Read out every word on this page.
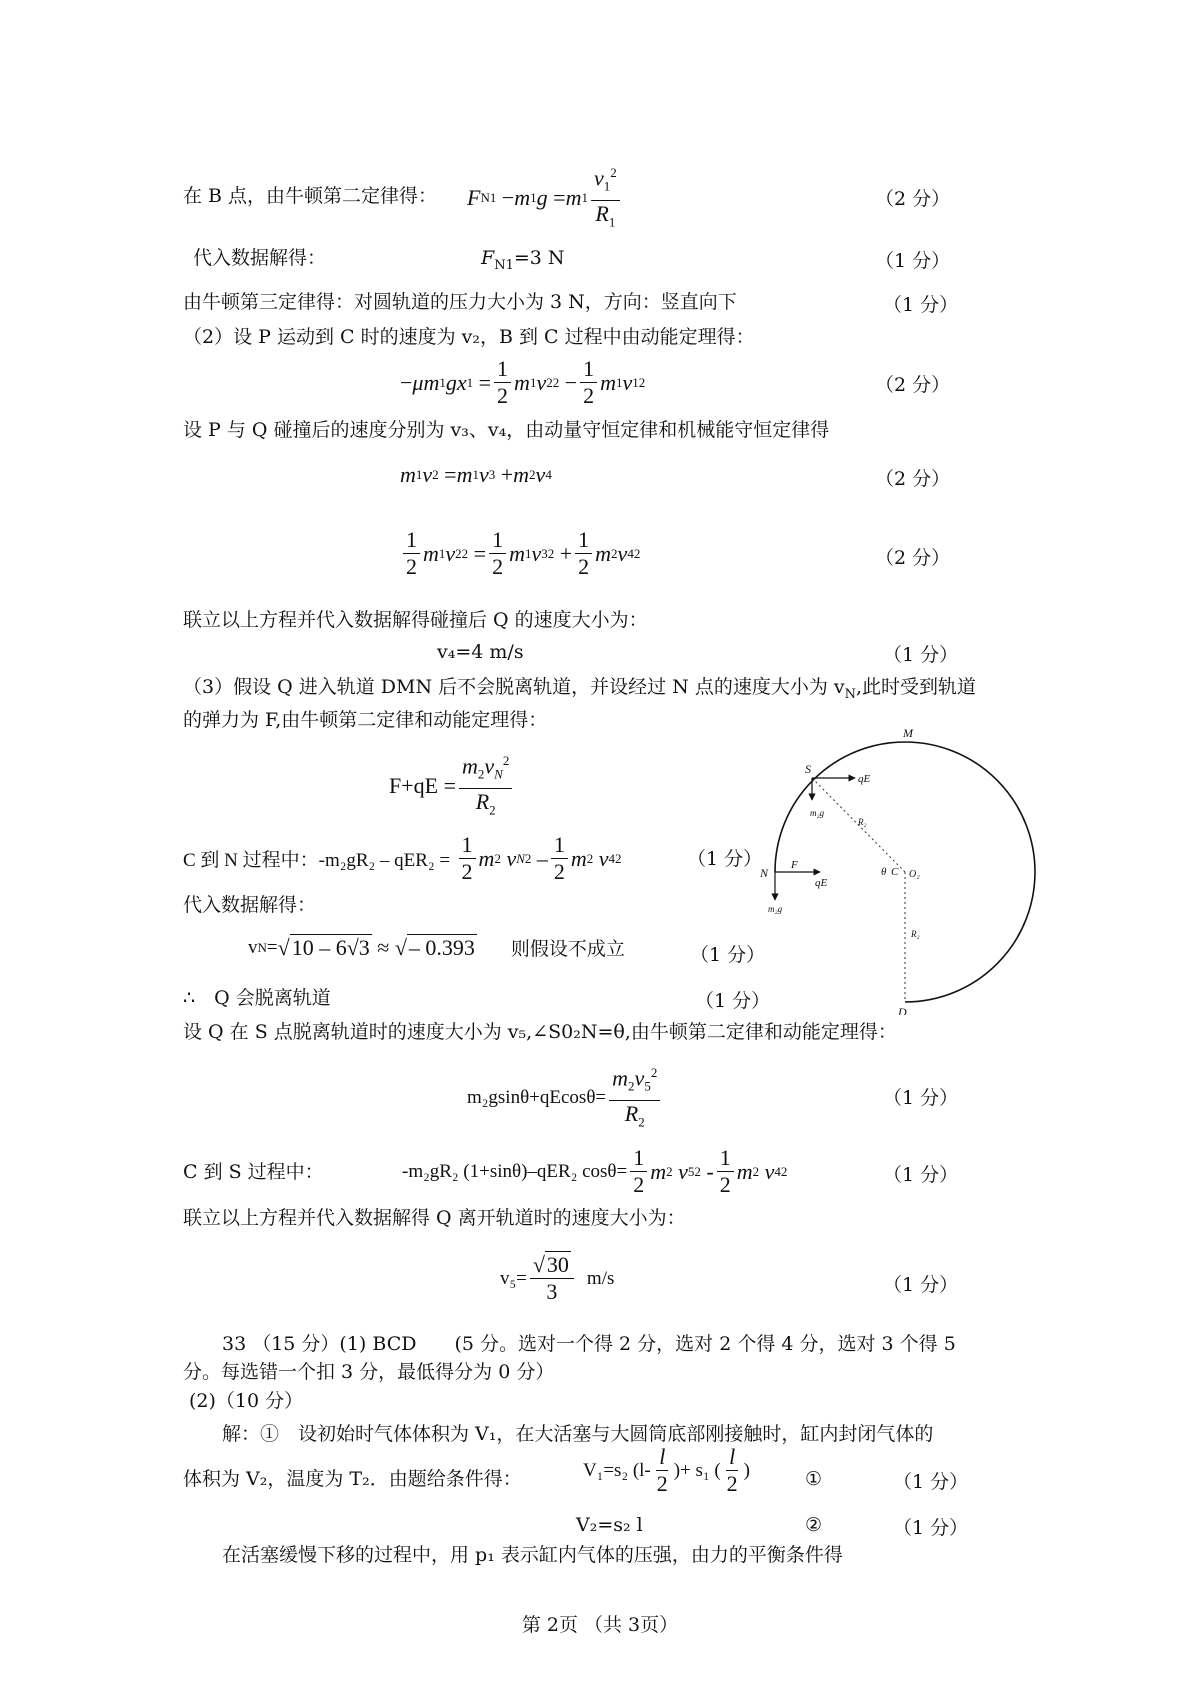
在 B 点，由牛顿第二定律得： F N1 − m 1 g = m $1 \frac{v_1^2}{R_1}$	（2 分）
代入数据解得：	$F_{N1}=3$ N	（1 分）
由牛顿第三定律得：对圆轨道的压力大小为 3 N，方向：竖直向下	（1 分）
（2）设 P 运动到 C 时的速度为 v₂，B 到 C 过程中由动能定理得：
− μm 1 gx $1 = \frac{1}{2}$ m 1 v 2 $2 - \frac{1}{2}$ m 1 v 1 2	（2 分）
设 P 与 Q 碰撞后的速度分别为 v₃、v₄，由动量守恒定律和机械能守恒定律得
m 1 v 2 = m 1 v 3 + m 2 v 4	（2 分）
$\frac{1}{2}$ m 1 v 2 $2 = \frac{1}{2}$ m 1 v 3 $2 + \frac{1}{2}$ m 2 v 4 2	（2 分）
联立以上方程并代入数据解得碰撞后 Q 的速度大小为：
v₄=4 m/s	（1 分）
（3）假设 Q 进入轨道 DMN 后不会脱离轨道，并设经过 N 点的速度大小为 $v_N$,此时受到轨道
的弹力为 F,由牛顿第二定律和动能定理得：
$F+qE = \frac{m_2v_N^2}{R_2}$
C 到 N 过程中：-m₂gR₂ – qER₂ =
$\frac{1}{2}$ m 2
v N $2 - \frac{1}{2}$ m 2
v 4 2	（1 分）
代入数据解得：
v N = √ 10 – 6√3
≈ √ – 0.393 则假设不成立	（1 分）
∴　Q 会脱离轨道	（1 分）
设 Q 在 S 点脱离轨道时的速度大小为 v₅,∠S0₂N=θ,由牛顿第二定律和动能定理得：
$m_2gsin\theta+qEcos\theta= \frac{m_2v_5^2}{R_2}$	（1 分）
C 到 S 过程中：	-m₂gR₂ (1+sinθ)–qER₂ $\cos\theta= \frac{1}{2}$ m 2
v 5 $2 - \frac{1}{2}$ m 2
v 4 2	（1 分）
联立以上方程并代入数据解得 Q 离开轨道时的速度大小为：
$v_5= \frac{√30}{3} m/s$	（1 分）
33 （15 分）(1) BCD　　(5 分。选对一个得 2 分，选对 2 个得 4 分，选对 3 个得 5
分。每选错一个扣 3 分，最低得分为 0 分）
(2)（10 分）
解：①　设初始时气体体积为 V₁，在大活塞与大圆筒底部刚接触时，缸内封闭气体的
体积为 V₂，温度为 T₂．由题给条件得：	V₁=s₂ ($l- \frac{l}{2}$ )+ s₁ ( $\frac{l}{2}$ )	①	（1 分）
V₂=s₂ l	②	（1 分）
在活塞缓慢下移的过程中，用 p₁ 表示缸内气体的压强，由力的平衡条件得
第 2页 （共 3页）
M
S
qE
m₂g
R₂
N
F
qE
θ C O₂
m₂g
R₂
D
